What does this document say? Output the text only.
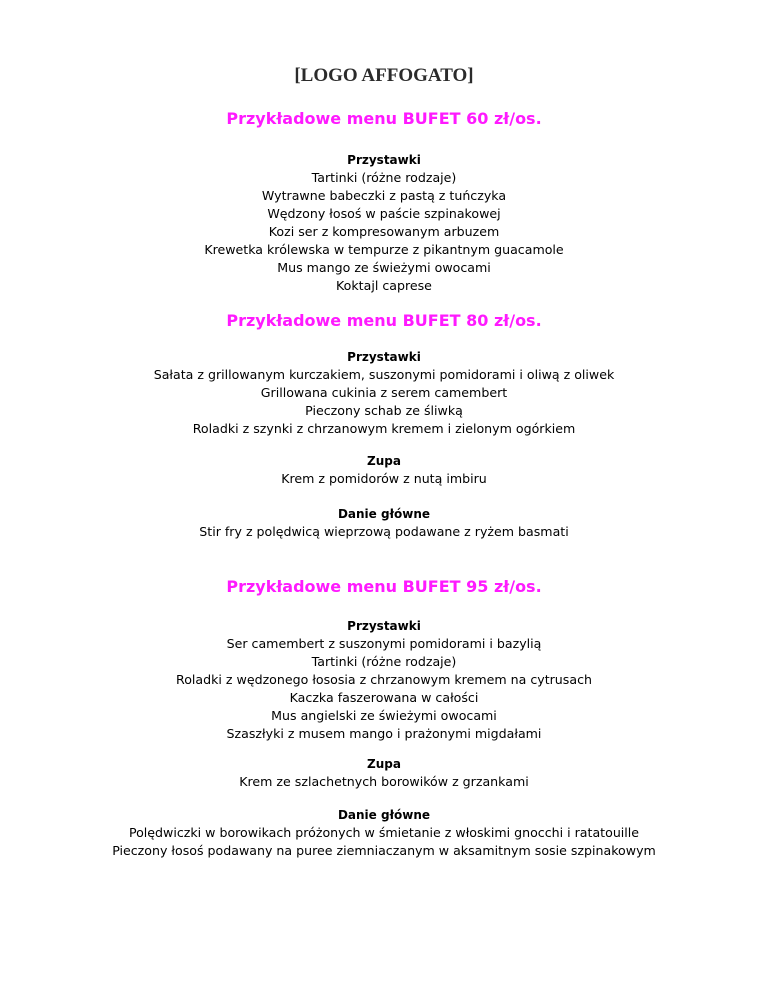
[LOGO AFFOGATO]
Przykładowe menu BUFET 60 zł/os.
Przystawki
Tartinki (różne rodzaje)
Wytrawne babeczki z pastą z tuńczyka
Wędzony łosoś w paście szpinakowej
Kozi ser z kompresowanym arbuzem
Krewetka królewska w tempurze z pikantnym guacamole
Mus mango ze świeżymi owocami
Koktajl caprese
Przykładowe menu BUFET 80 zł/os.
Przystawki
Sałata z grillowanym kurczakiem, suszonymi pomidorami i oliwą z oliwek
Grillowana cukinia z serem camembert
Pieczony schab ze śliwką
Roladki z szynki z chrzanowym kremem i zielonym ogórkiem
Zupa
Krem z pomidorów z nutą imbiru
Danie główne
Stir fry z polędwicą wieprzową podawane z ryżem basmati
Przykładowe menu BUFET 95 zł/os.
Przystawki
Ser camembert z suszonymi pomidorami i bazylią
Tartinki (różne rodzaje)
Roladki z wędzonego łososia z chrzanowym kremem na cytrusach
Kaczka faszerowana w całości
Mus angielski ze świeżymi owocami
Szaszłyki z musem mango i prażonymi migdałami
Zupa
Krem ze szlachetnych borowików z grzankami
Danie główne
Polędwiczki w borowikach próżonych w śmietanie z włoskimi gnocchi i ratatouille
Pieczony łosoś podawany na puree ziemniaczanym w aksamitnym sosie szpinakowym
